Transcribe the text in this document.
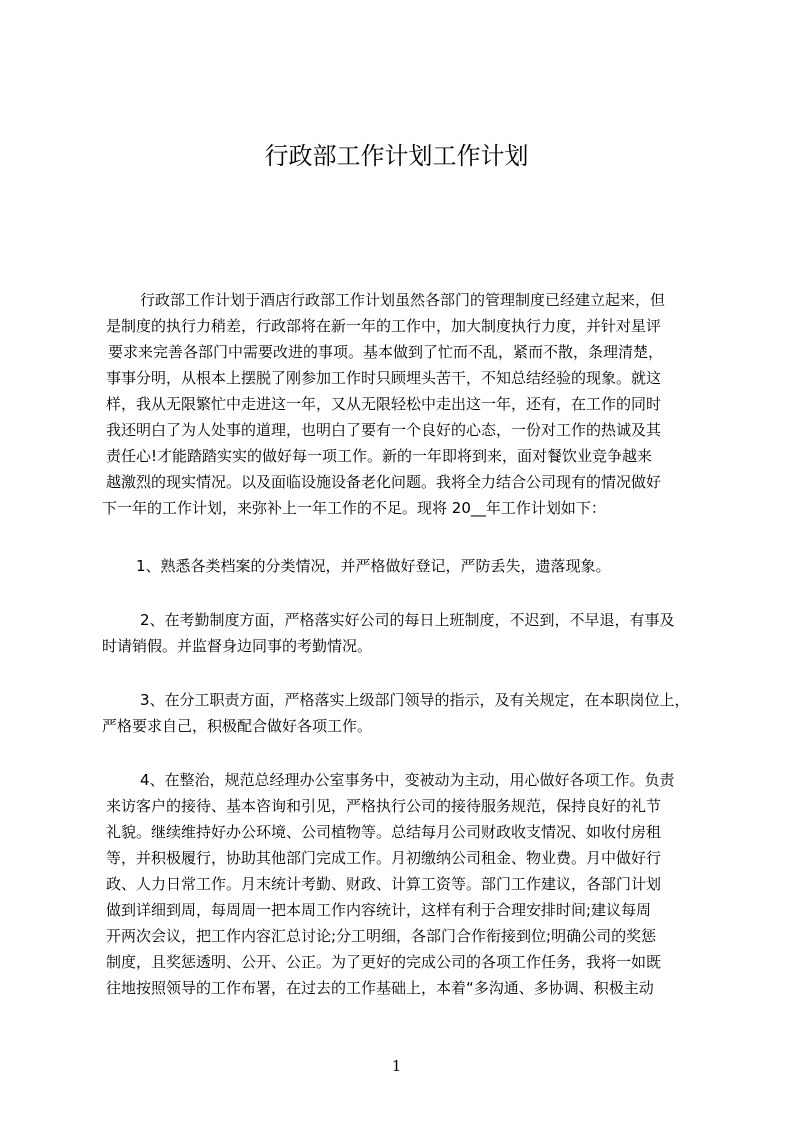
行政部工作计划工作计划

行政部工作计划于酒店行政部工作计划虽然各部门的管理制度已经建立起来，但

是制度的执行力稍差，行政部将在新一年的工作中，加大制度执行力度，并针对星评

要求来完善各部门中需要改进的事项。基本做到了忙而不乱，紧而不散，条理清楚，

事事分明，从根本上摆脱了刚参加工作时只顾埋头苦干，不知总结经验的现象。就这

样，我从无限繁忙中走进这一年，又从无限轻松中走出这一年，还有，在工作的同时

我还明白了为人处事的道理，也明白了要有一个良好的心态，一份对工作的热诚及其

责任心!才能踏踏实实的做好每一项工作。新的一年即将到来，面对餐饮业竞争越来

越激烈的现实情况。以及面临设施设备老化问题。我将全力结合公司现有的情况做好

下一年的工作计划，来弥补上一年工作的不足。现将 20__年工作计划如下：

1、熟悉各类档案的分类情况，并严格做好登记，严防丢失，遗落现象。

2、在考勤制度方面，严格落实好公司的每日上班制度，不迟到，不早退，有事及

时请销假。并监督身边同事的考勤情况。

3、在分工职责方面，严格落实上级部门领导的指示，及有关规定，在本职岗位上，

严格要求自己，积极配合做好各项工作。

4、在整治，规范总经理办公室事务中，变被动为主动，用心做好各项工作。负责

来访客户的接待、基本咨询和引见，严格执行公司的接待服务规范，保持良好的礼节

礼貌。继续维持好办公环境、公司植物等。总结每月公司财政收支情况、如收付房租

等，并积极履行，协助其他部门完成工作。月初缴纳公司租金、物业费。月中做好行

政、人力日常工作。月末统计考勤、财政、计算工资等。部门工作建议，各部门计划

做到详细到周，每周周一把本周工作内容统计，这样有利于合理安排时间;建议每周

开两次会议，把工作内容汇总讨论;分工明细，各部门合作衔接到位;明确公司的奖惩

制度，且奖惩透明、公开、公正。为了更好的完成公司的各项工作任务，我将一如既

往地按照领导的工作布署，在过去的工作基础上，本着“多沟通、多协调、积极主动

1
